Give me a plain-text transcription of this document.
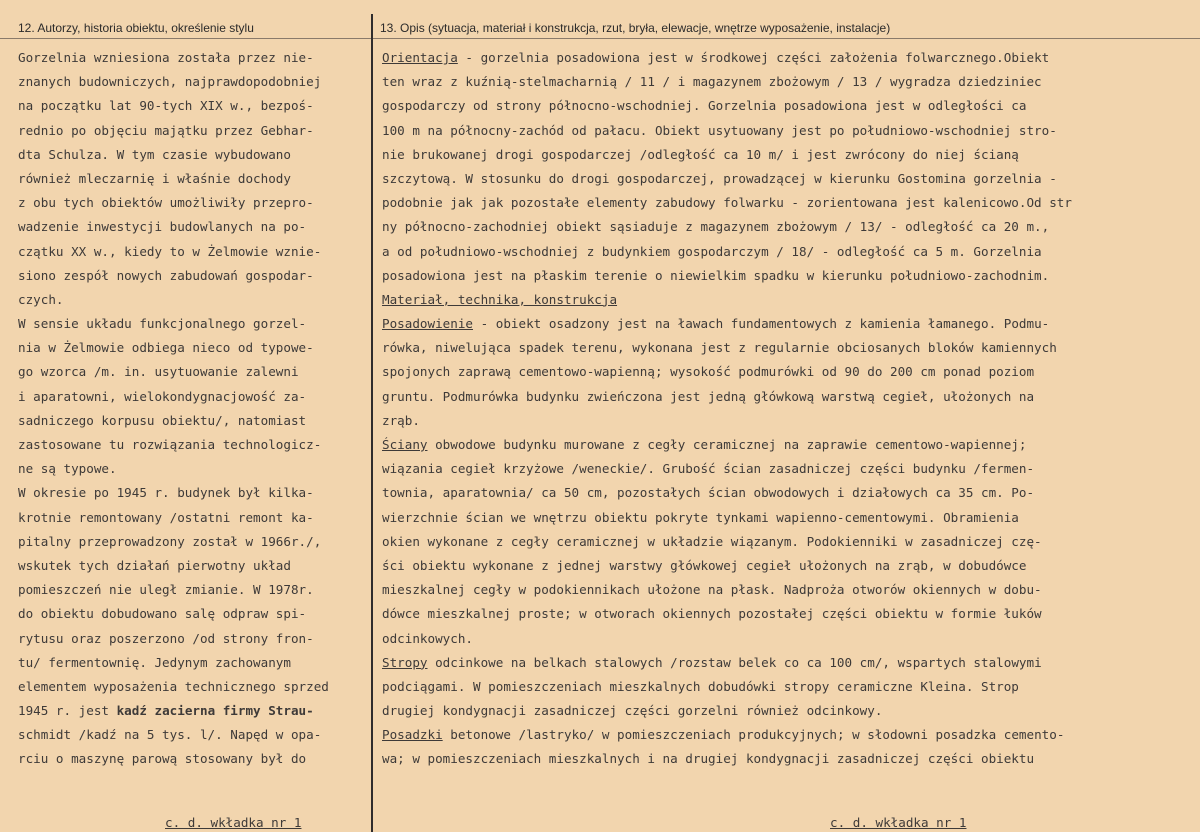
12. Autorzy, historia obiektu, określenie stylu	13. Opis (sytuacja, materiał i konstrukcja, rzut, bryła, elewacje, wnętrze wyposażenie, instalacje)
Gorzelnia wzniesiona została przez nie-
znanych budowniczych, najprawdopodobniej
na początku lat 90-tych XIX w., bezpoś-
rednio po objęciu majątku przez Gebhar-
dta Schulza. W tym czasie wybudowano
również mleczarnię i właśnie dochody
z obu tych obiektów umożliwiły przepro-
wadzenie inwestycji budowlanych na po-
czątku XX w., kiedy to w Żelmowie wznie-
siono zespół nowych zabudowań gospodar-
czych.
W sensie układu funkcjonalnego gorzel-
nia w Żelmowie odbiega nieco od typowe-
go wzorca /m. in. usytuowanie zalewni
i aparatowni, wielokondygnacjowość za-
sadniczego korpusu obiektu/, natomiast
zastosowane tu rozwiązania technologicz-
ne są typowe.
W okresie po 1945 r. budynek był kilka-
krotnie remontowany /ostatni remont ka-
pitalny przeprowadzony został w 1966r./,
wskutek tych działań pierwotny układ
pomieszczeń nie uległ zmianie. W 1978r.
do obiektu dobudowano salę odpraw spi-
rytusu oraz poszerzono /od strony fron-
tu/ fermentownię. Jedynym zachowanym
elementem wyposażenia technicznego sprzed
1945 r. jest kadź zacierna firmy Strau-
schmidt /kadź na 5 tys. l/. Napęd w opa-
rciu o maszynę parową stosowany był do
Orientacja - gorzelnia posadowiona jest w środkowej części założenia folwarcznego.Obiekt
ten wraz z kuźnią-stelmacharnią / 11 / i magazynem zbożowym / 13 / wygradza dziedziniec
gospodarczy od strony północno-wschodniej. Gorzelnia posadowiona jest w odległości ca
100 m na północny-zachód od pałacu. Obiekt usytuowany jest po południowo-wschodniej stro-
nie brukowanej drogi gospodarczej /odległość ca 10 m/ i jest zwrócony do niej ścianą
szczytową. W stosunku do drogi gospodarczej, prowadzącej w kierunku Gostomina gorzelnia -
podobnie jak jak pozostałe elementy zabudowy folwarku - zorientowana jest kalenicowo.Od str
ny północno-zachodniej obiekt sąsiaduje z magazynem zbożowym / 13/ - odległość ca 20 m.,
a od południowo-wschodniej z budynkiem gospodarczym / 18/ - odległość ca 5 m. Gorzelnia
posadowiona jest na płaskim terenie o niewielkim spadku w kierunku południowo-zachodnim.
Materiał, technika, konstrukcja
Posadowienie - obiekt osadzony jest na ławach fundamentowych z kamienia łamanego. Podmu-
rówka, niwelująca spadek terenu, wykonana jest z regularnie obciosanych bloków kamiennych
spojonych zaprawą cementowo-wapienną; wysokość podmurówki od 90 do 200 cm ponad poziom
gruntu. Podmurówka budynku zwieńczona jest jedną główkową warstwą cegieł, ułożonych na
zrąb.
Ściany obwodowe budynku murowane z cegły ceramicznej na zaprawie cementowo-wapiennej;
wiązania cegieł krzyżowe /weneckie/. Grubość ścian zasadniczej części budynku /fermen-
townia, aparatownia/ ca 50 cm, pozostałych ścian obwodowych i działowych ca 35 cm. Po-
wierzchnie ścian we wnętrzu obiektu pokryte tynkami wapienno-cementowymi. Obramienia
okien wykonane z cegły ceramicznej w układzie wiązanym. Podokienniki w zasadniczej czę-
ści obiektu wykonane z jednej warstwy główkowej cegieł ułożonych na zrąb, w dobudówce
mieszkalnej cegły w podokiennikach ułożone na płask. Nadproża otworów okiennych w dobu-
dówce mieszkalnej proste; w otworach okiennych pozostałej części obiektu w formie łuków
odcinkowych.
Stropy odcinkowe na belkach stalowych /rozstaw belek co ca 100 cm/, wspartych stalowymi
podciągami. W pomieszczeniach mieszkalnych dobudówki stropy ceramiczne Kleina. Strop
drugiej kondygnacji zasadniczej części gorzelni również odcinkowy.
Posadzki betonowe /lastryko/ w pomieszczeniach produkcyjnych; w słodowni posadzka cemento-
wa; w pomieszczeniach mieszkalnych i na drugiej kondygnacji zasadniczej części obiektu
c. d. wkładka nr 1	c. d. wkładka nr 1
